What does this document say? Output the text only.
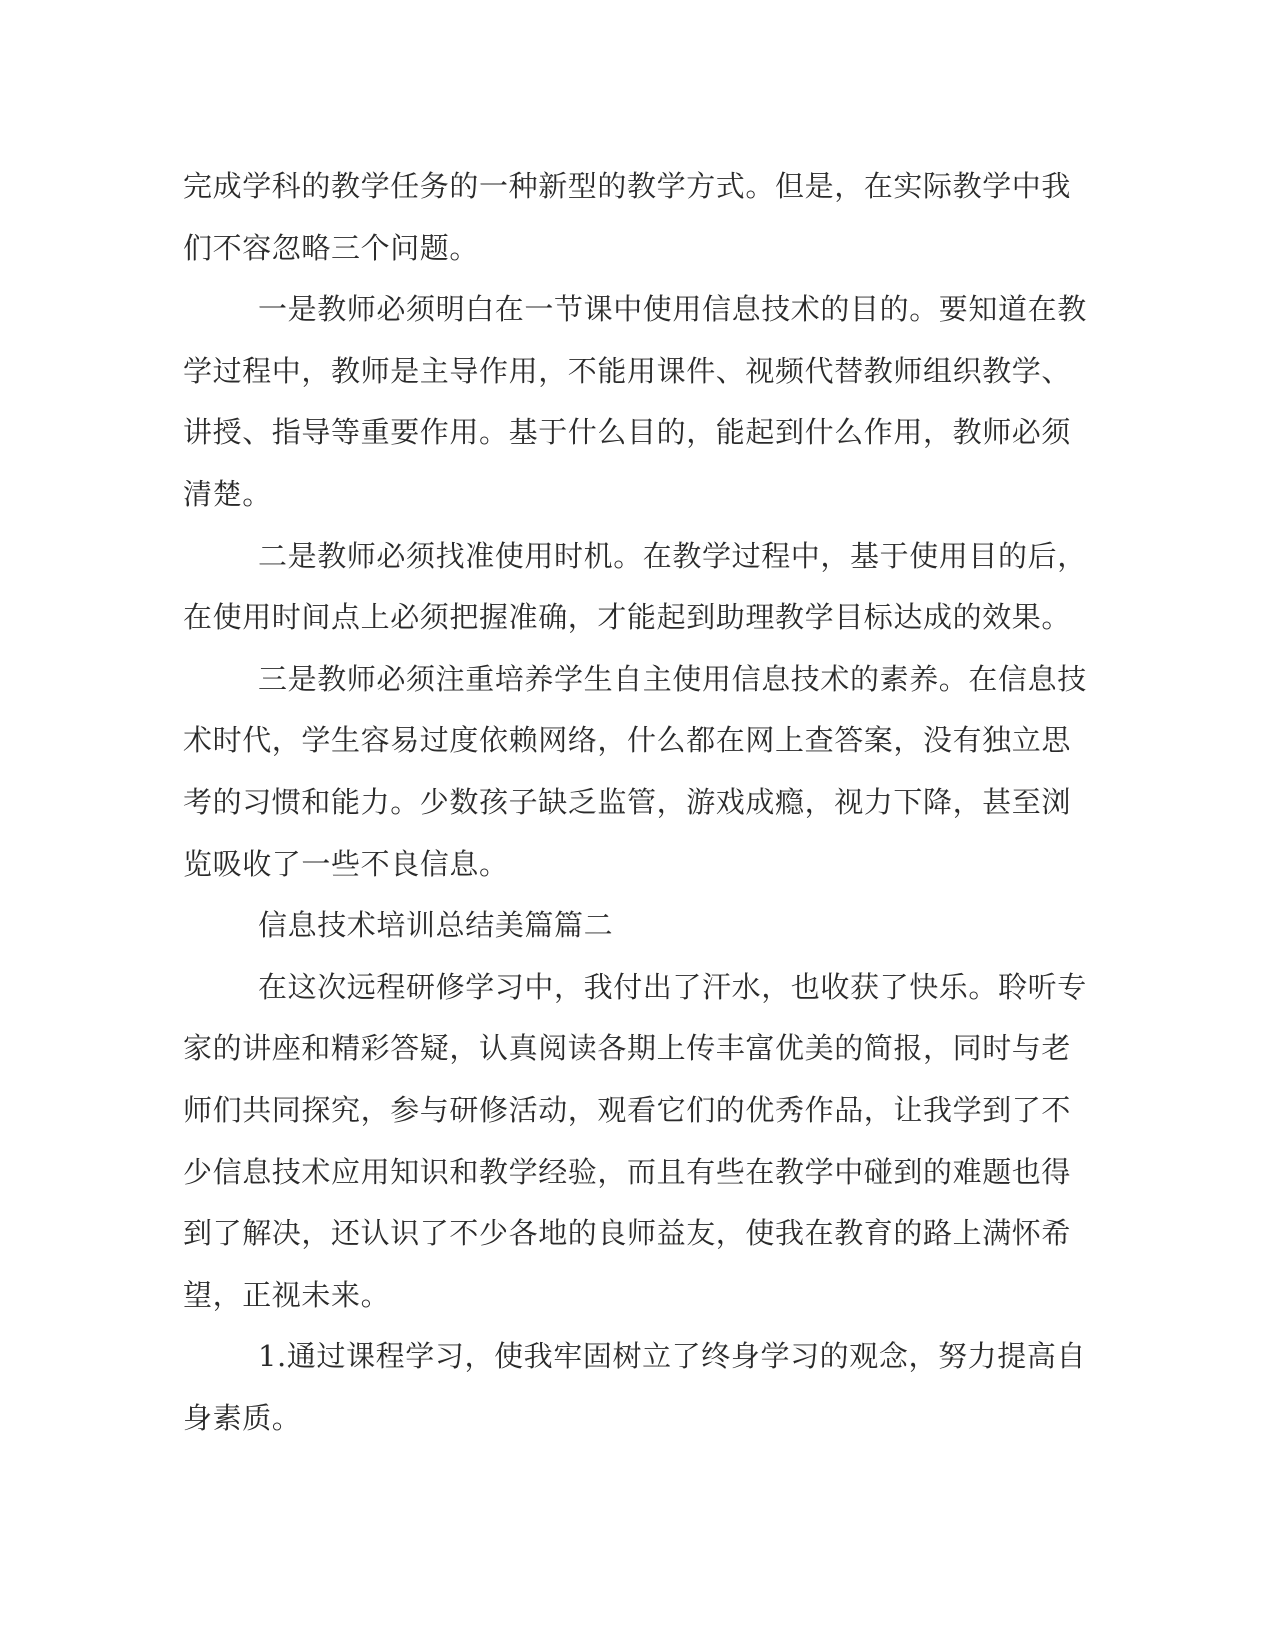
完成学科的教学任务的一种新型的教学方式。但是，在实际教学中我
们不容忽略三个问题。
一是教师必须明白在一节课中使用信息技术的目的。要知道在教
学过程中，教师是主导作用，不能用课件、视频代替教师组织教学、
讲授、指导等重要作用。基于什么目的，能起到什么作用，教师必须
清楚。
二是教师必须找准使用时机。在教学过程中，基于使用目的后，
在使用时间点上必须把握准确，才能起到助理教学目标达成的效果。
三是教师必须注重培养学生自主使用信息技术的素养。在信息技
术时代，学生容易过度依赖网络，什么都在网上查答案，没有独立思
考的习惯和能力。少数孩子缺乏监管，游戏成瘾，视力下降，甚至浏
览吸收了一些不良信息。
信息技术培训总结美篇篇二
在这次远程研修学习中，我付出了汗水，也收获了快乐。聆听专
家的讲座和精彩答疑，认真阅读各期上传丰富优美的简报，同时与老
师们共同探究，参与研修活动，观看它们的优秀作品，让我学到了不
少信息技术应用知识和教学经验，而且有些在教学中碰到的难题也得
到了解决，还认识了不少各地的良师益友，使我在教育的路上满怀希
望，正视未来。
1.通过课程学习，使我牢固树立了终身学习的观念，努力提高自
身素质。
